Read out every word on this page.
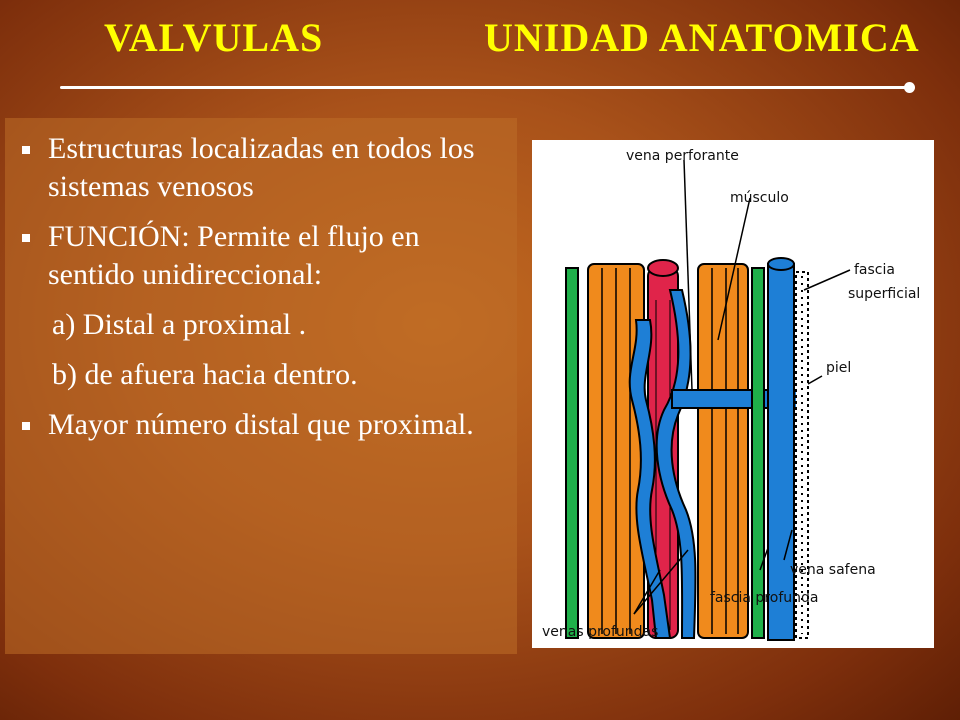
VALVULAS	UNIDAD ANATOMICA
Estructuras localizadas en todos los sistemas venosos
FUNCIÓN: Permite el flujo en sentido unidireccional:
a) Distal a proximal .
b) de afuera hacia dentro.
Mayor número distal que proximal.
vena perforante
músculo
fascia
superficial
piel
vena safena
fascia profunda
venas profundas
